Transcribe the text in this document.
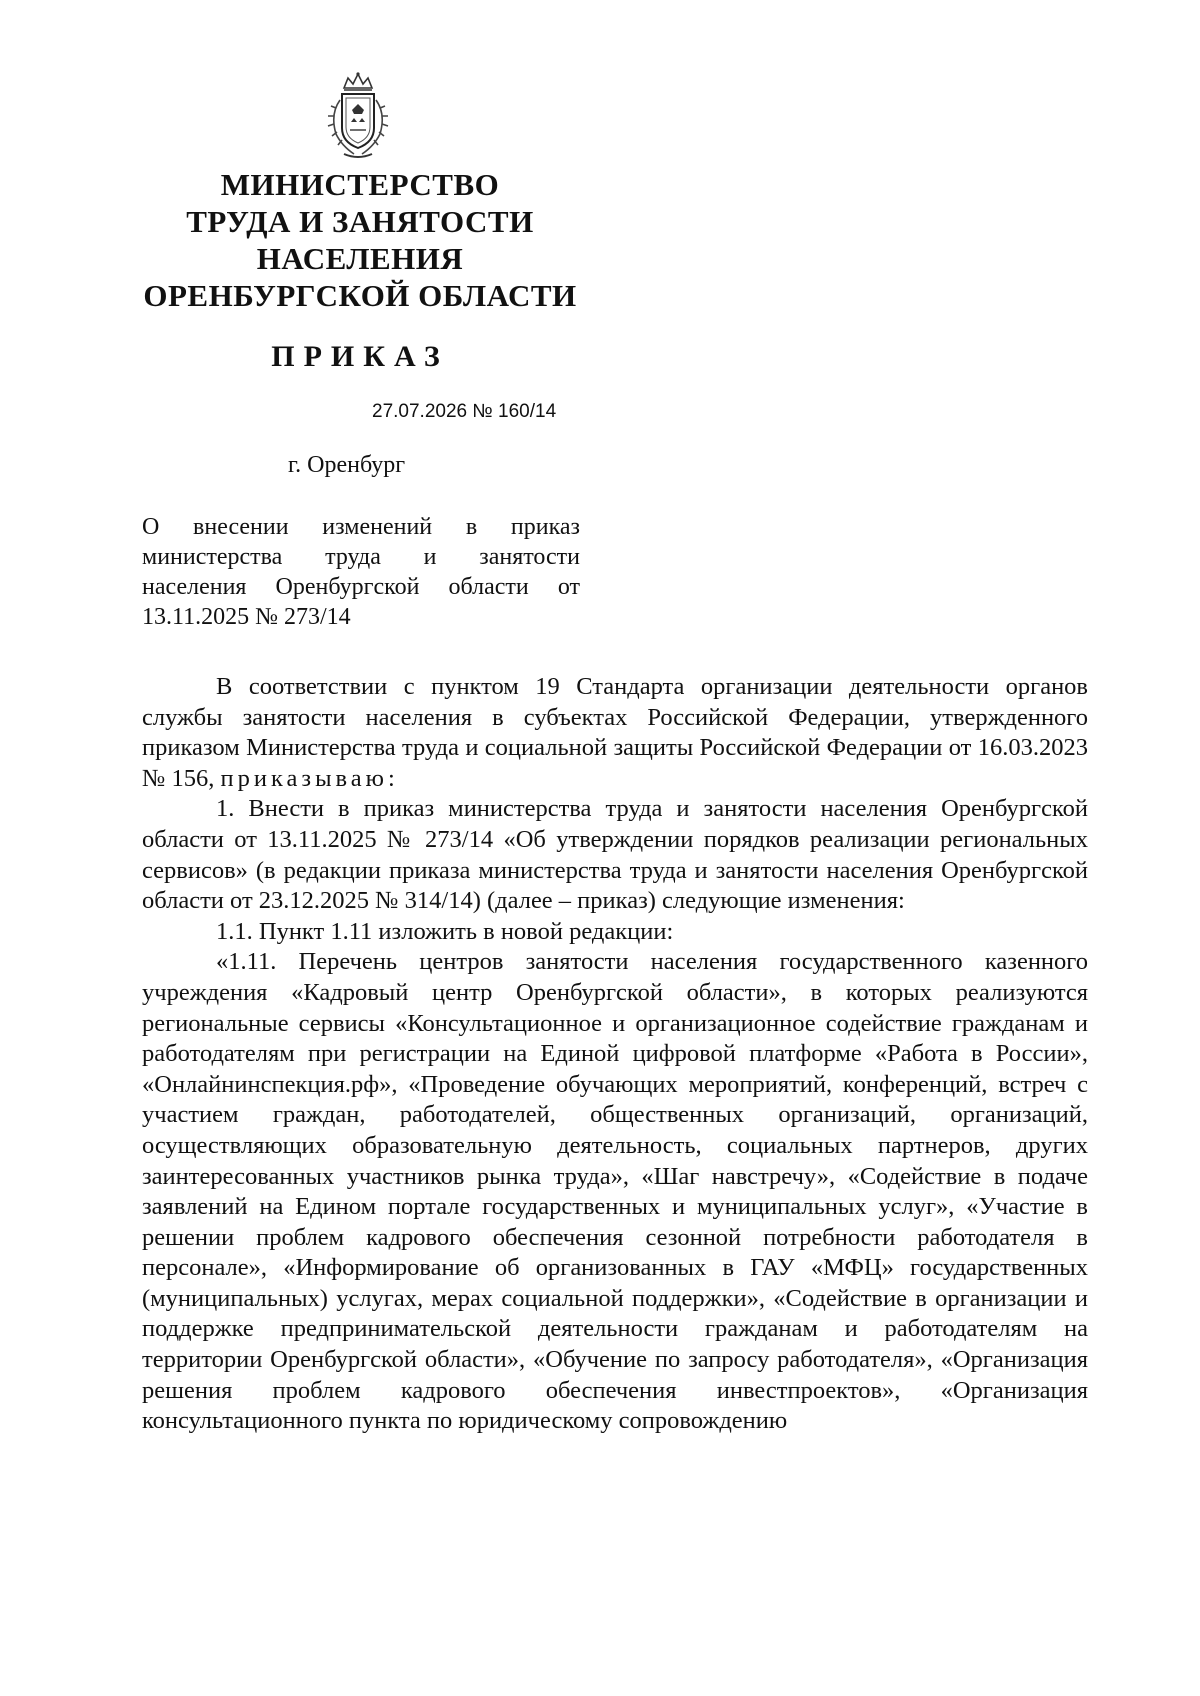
МИНИСТЕРСТВО
ТРУДА И ЗАНЯТОСТИ
НАСЕЛЕНИЯ
ОРЕНБУРГСКОЙ ОБЛАСТИ
ПРИКАЗ
27.07.2026 № 160/14
г. Оренбург
О внесении изменений в приказ министерства труда и занятости населения Оренбургской области от 13.11.2025 № 273/14

В соответствии с пунктом 19 Стандарта организации деятельности органов службы занятости населения в субъектах Российской Федерации, утвержденного приказом Министерства труда и социальной защиты Российской Федерации от 16.03.2023 № 156, приказываю:

1. Внести в приказ министерства труда и занятости населения Оренбургской области от 13.11.2025 № 273/14 «Об утверждении порядков реализации региональных сервисов» (в редакции приказа министерства труда и занятости населения Оренбургской области от 23.12.2025 № 314/14) (далее – приказ) следующие изменения:

1.1. Пункт 1.11 изложить в новой редакции:

«1.11. Перечень центров занятости населения государственного казенного учреждения «Кадровый центр Оренбургской области», в которых реализуются региональные сервисы «Консультационное и организационное содействие гражданам и работодателям при регистрации на Единой цифровой платформе «Работа в России», «Онлайнинспекция.рф», «Проведение обучающих мероприятий, конференций, встреч с участием граждан, работодателей, общественных организаций, организаций, осуществляющих образовательную деятельность, социальных партнеров, других заинтересованных участников рынка труда», «Шаг навстречу», «Содействие в подаче заявлений на Едином портале государственных и муниципальных услуг», «Участие в решении проблем кадрового обеспечения сезонной потребности работодателя в персонале», «Информирование об организованных в ГАУ «МФЦ» государственных (муниципальных) услугах, мерах социальной поддержки», «Содействие в организации и поддержке предпринимательской деятельности гражданам и работодателям на территории Оренбургской области», «Обучение по запросу работодателя», «Организация решения проблем кадрового обеспечения инвестпроектов», «Организация консультационного пункта по юридическому сопровождению
